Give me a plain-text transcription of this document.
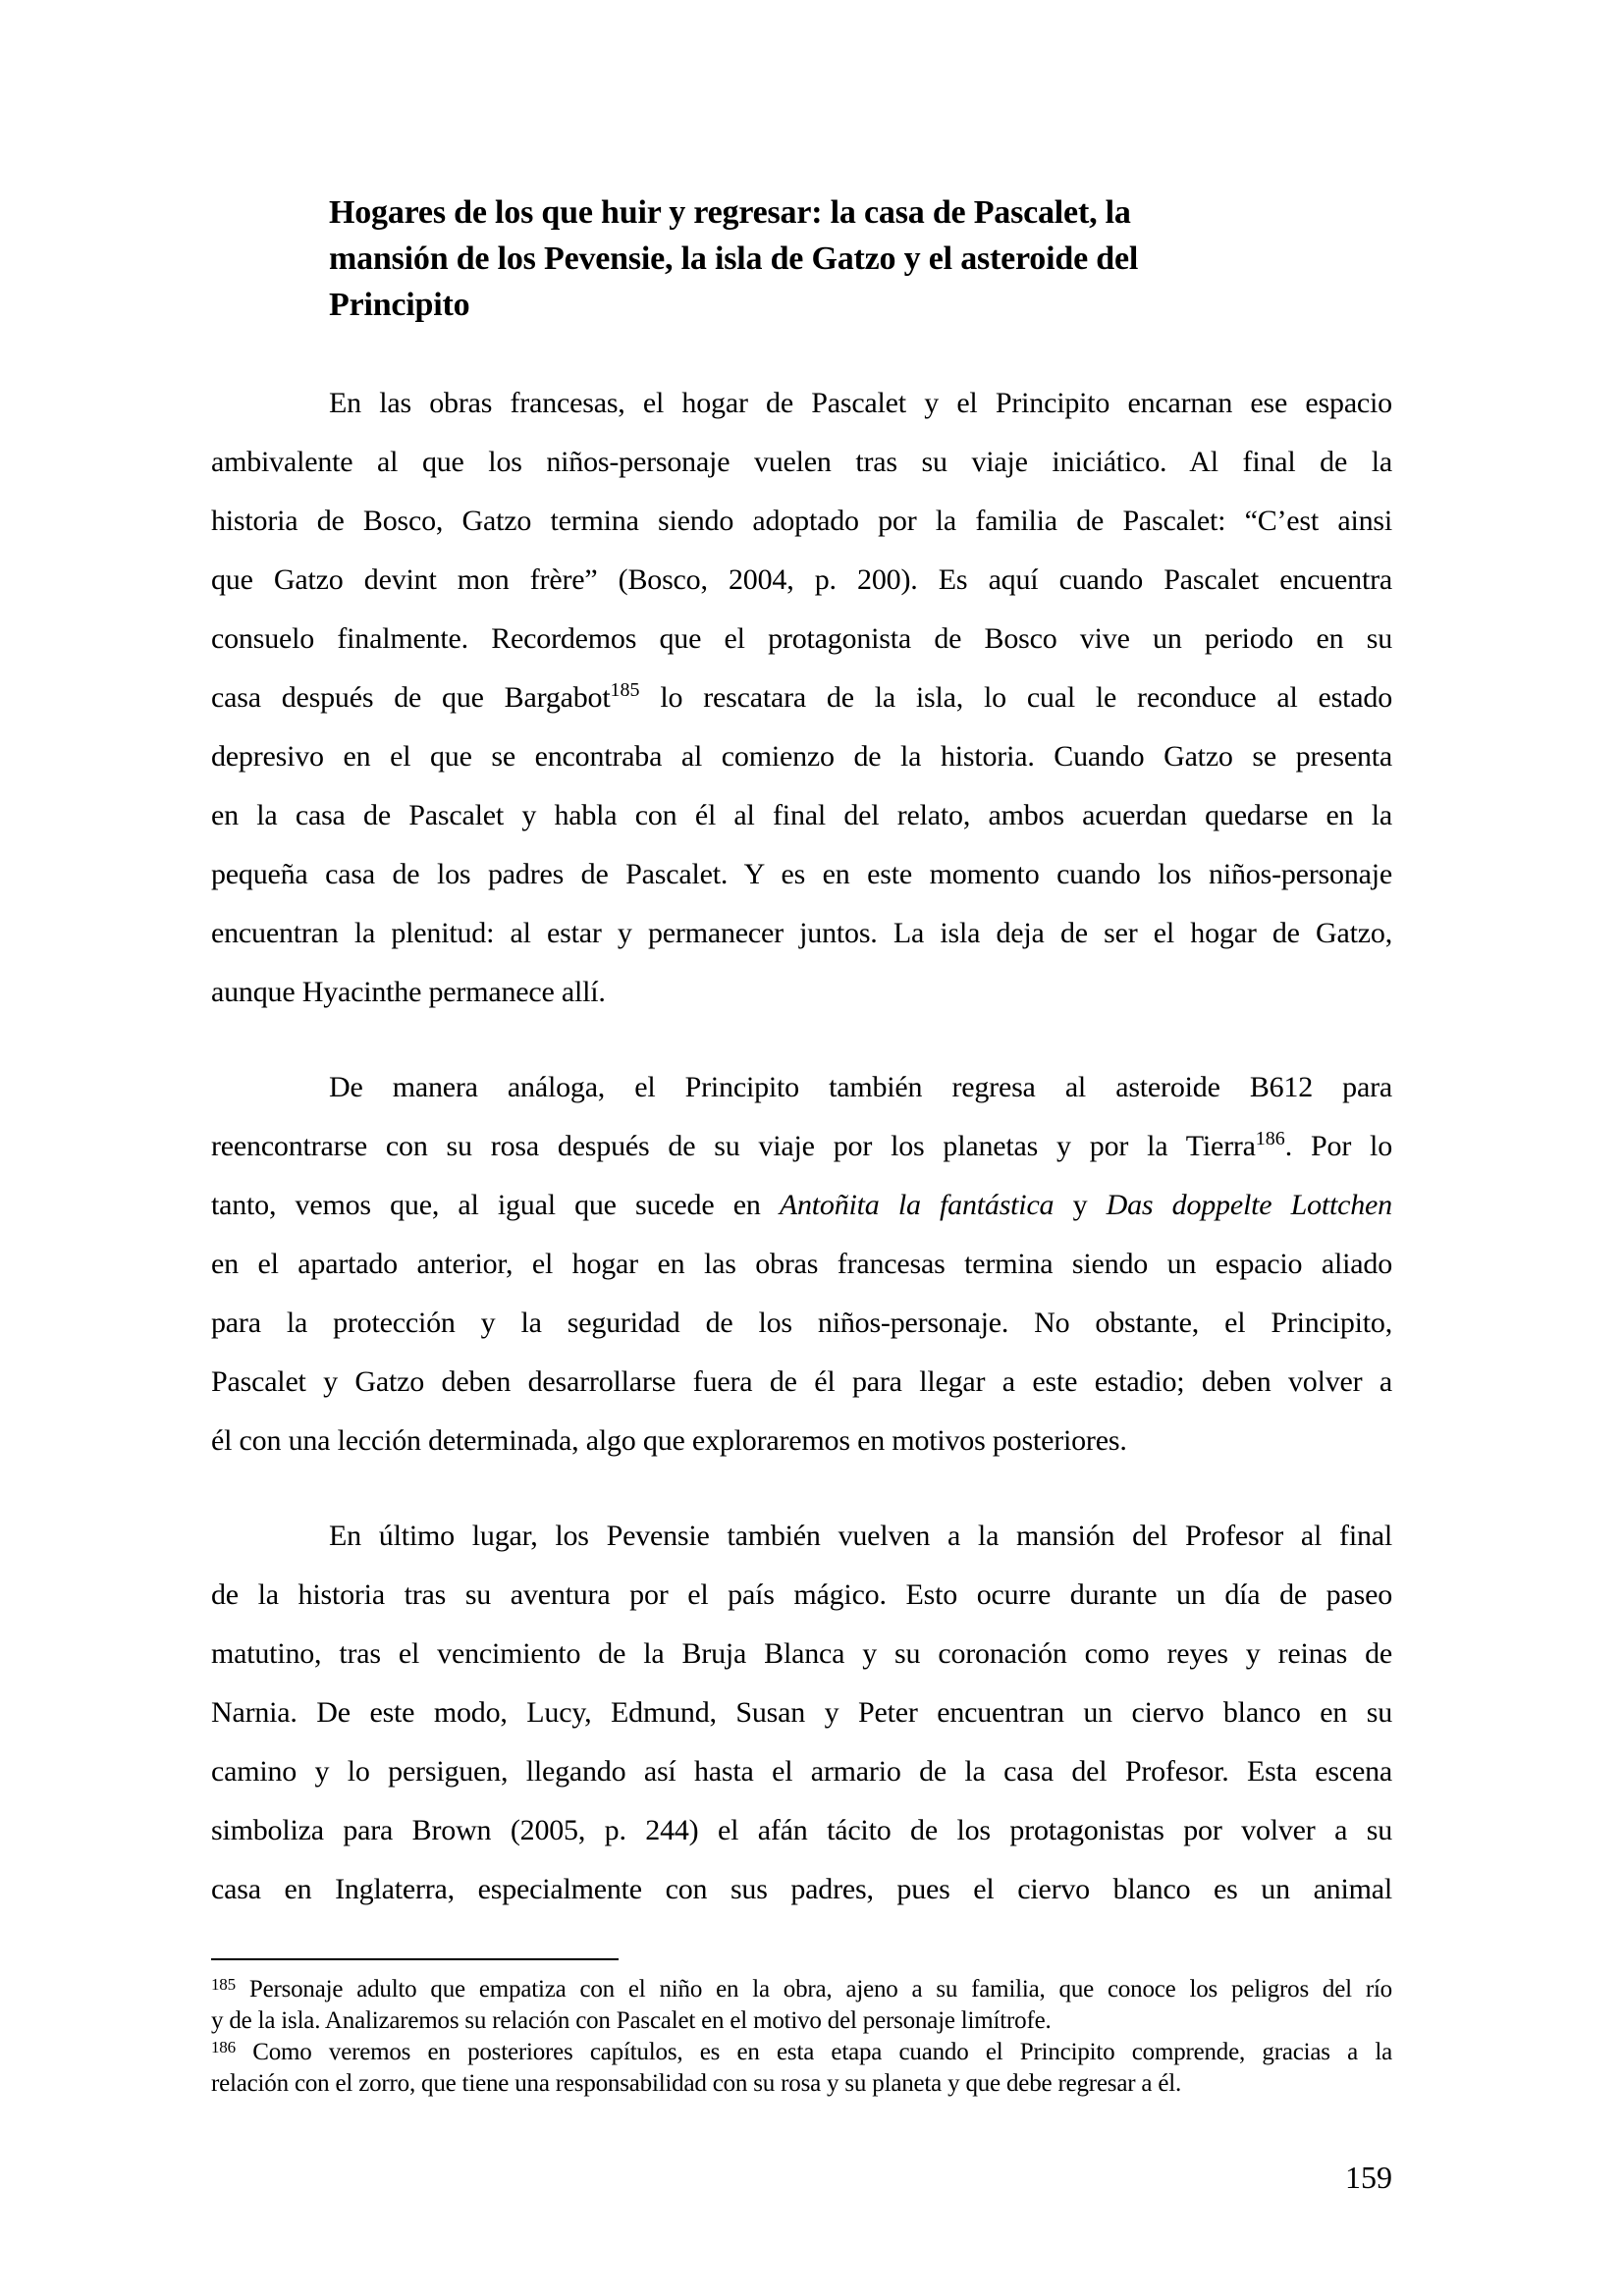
Hogares de los que huir y regresar: la casa de Pascalet, la
mansión de los Pevensie, la isla de Gatzo y el asteroide del
Principito
En las obras francesas, el hogar de Pascalet y el Principito encarnan ese espacio
ambivalente al que los niños-personaje vuelen tras su viaje iniciático. Al final de la
historia de Bosco, Gatzo termina siendo adoptado por la familia de Pascalet: “C’est ainsi
que Gatzo devint mon frère” (Bosco, 2004, p. 200). Es aquí cuando Pascalet encuentra
consuelo finalmente. Recordemos que el protagonista de Bosco vive un periodo en su
casa después de que Bargabot$^{185}$ lo rescatara de la isla, lo cual le reconduce al estado
depresivo en el que se encontraba al comienzo de la historia. Cuando Gatzo se presenta
en la casa de Pascalet y habla con él al final del relato, ambos acuerdan quedarse en la
pequeña casa de los padres de Pascalet. Y es en este momento cuando los niños-personaje
encuentran la plenitud: al estar y permanecer juntos. La isla deja de ser el hogar de Gatzo,
aunque Hyacinthe permanece allí.
De manera análoga, el Principito también regresa al asteroide B612 para
reencontrarse con su rosa después de su viaje por los planetas y por la Tierra$^{186}$. Por lo
tanto, vemos que, al igual que sucede en Antoñita la fantástica y Das doppelte Lottchen
en el apartado anterior, el hogar en las obras francesas termina siendo un espacio aliado
para la protección y la seguridad de los niños-personaje. No obstante, el Principito,
Pascalet y Gatzo deben desarrollarse fuera de él para llegar a este estadio; deben volver a
él con una lección determinada, algo que exploraremos en motivos posteriores.
En último lugar, los Pevensie también vuelven a la mansión del Profesor al final
de la historia tras su aventura por el país mágico. Esto ocurre durante un día de paseo
matutino, tras el vencimiento de la Bruja Blanca y su coronación como reyes y reinas de
Narnia. De este modo, Lucy, Edmund, Susan y Peter encuentran un ciervo blanco en su
camino y lo persiguen, llegando así hasta el armario de la casa del Profesor. Esta escena
simboliza para Brown (2005, p. 244) el afán tácito de los protagonistas por volver a su
casa en Inglaterra, especialmente con sus padres, pues el ciervo blanco es un animal
$^{185}$ Personaje adulto que empatiza con el niño en la obra, ajeno a su familia, que conoce los peligros del río
y de la isla. Analizaremos su relación con Pascalet en el motivo del personaje limítrofe.
$^{186}$ Como veremos en posteriores capítulos, es en esta etapa cuando el Principito comprende, gracias a la
relación con el zorro, que tiene una responsabilidad con su rosa y su planeta y que debe regresar a él.
159
